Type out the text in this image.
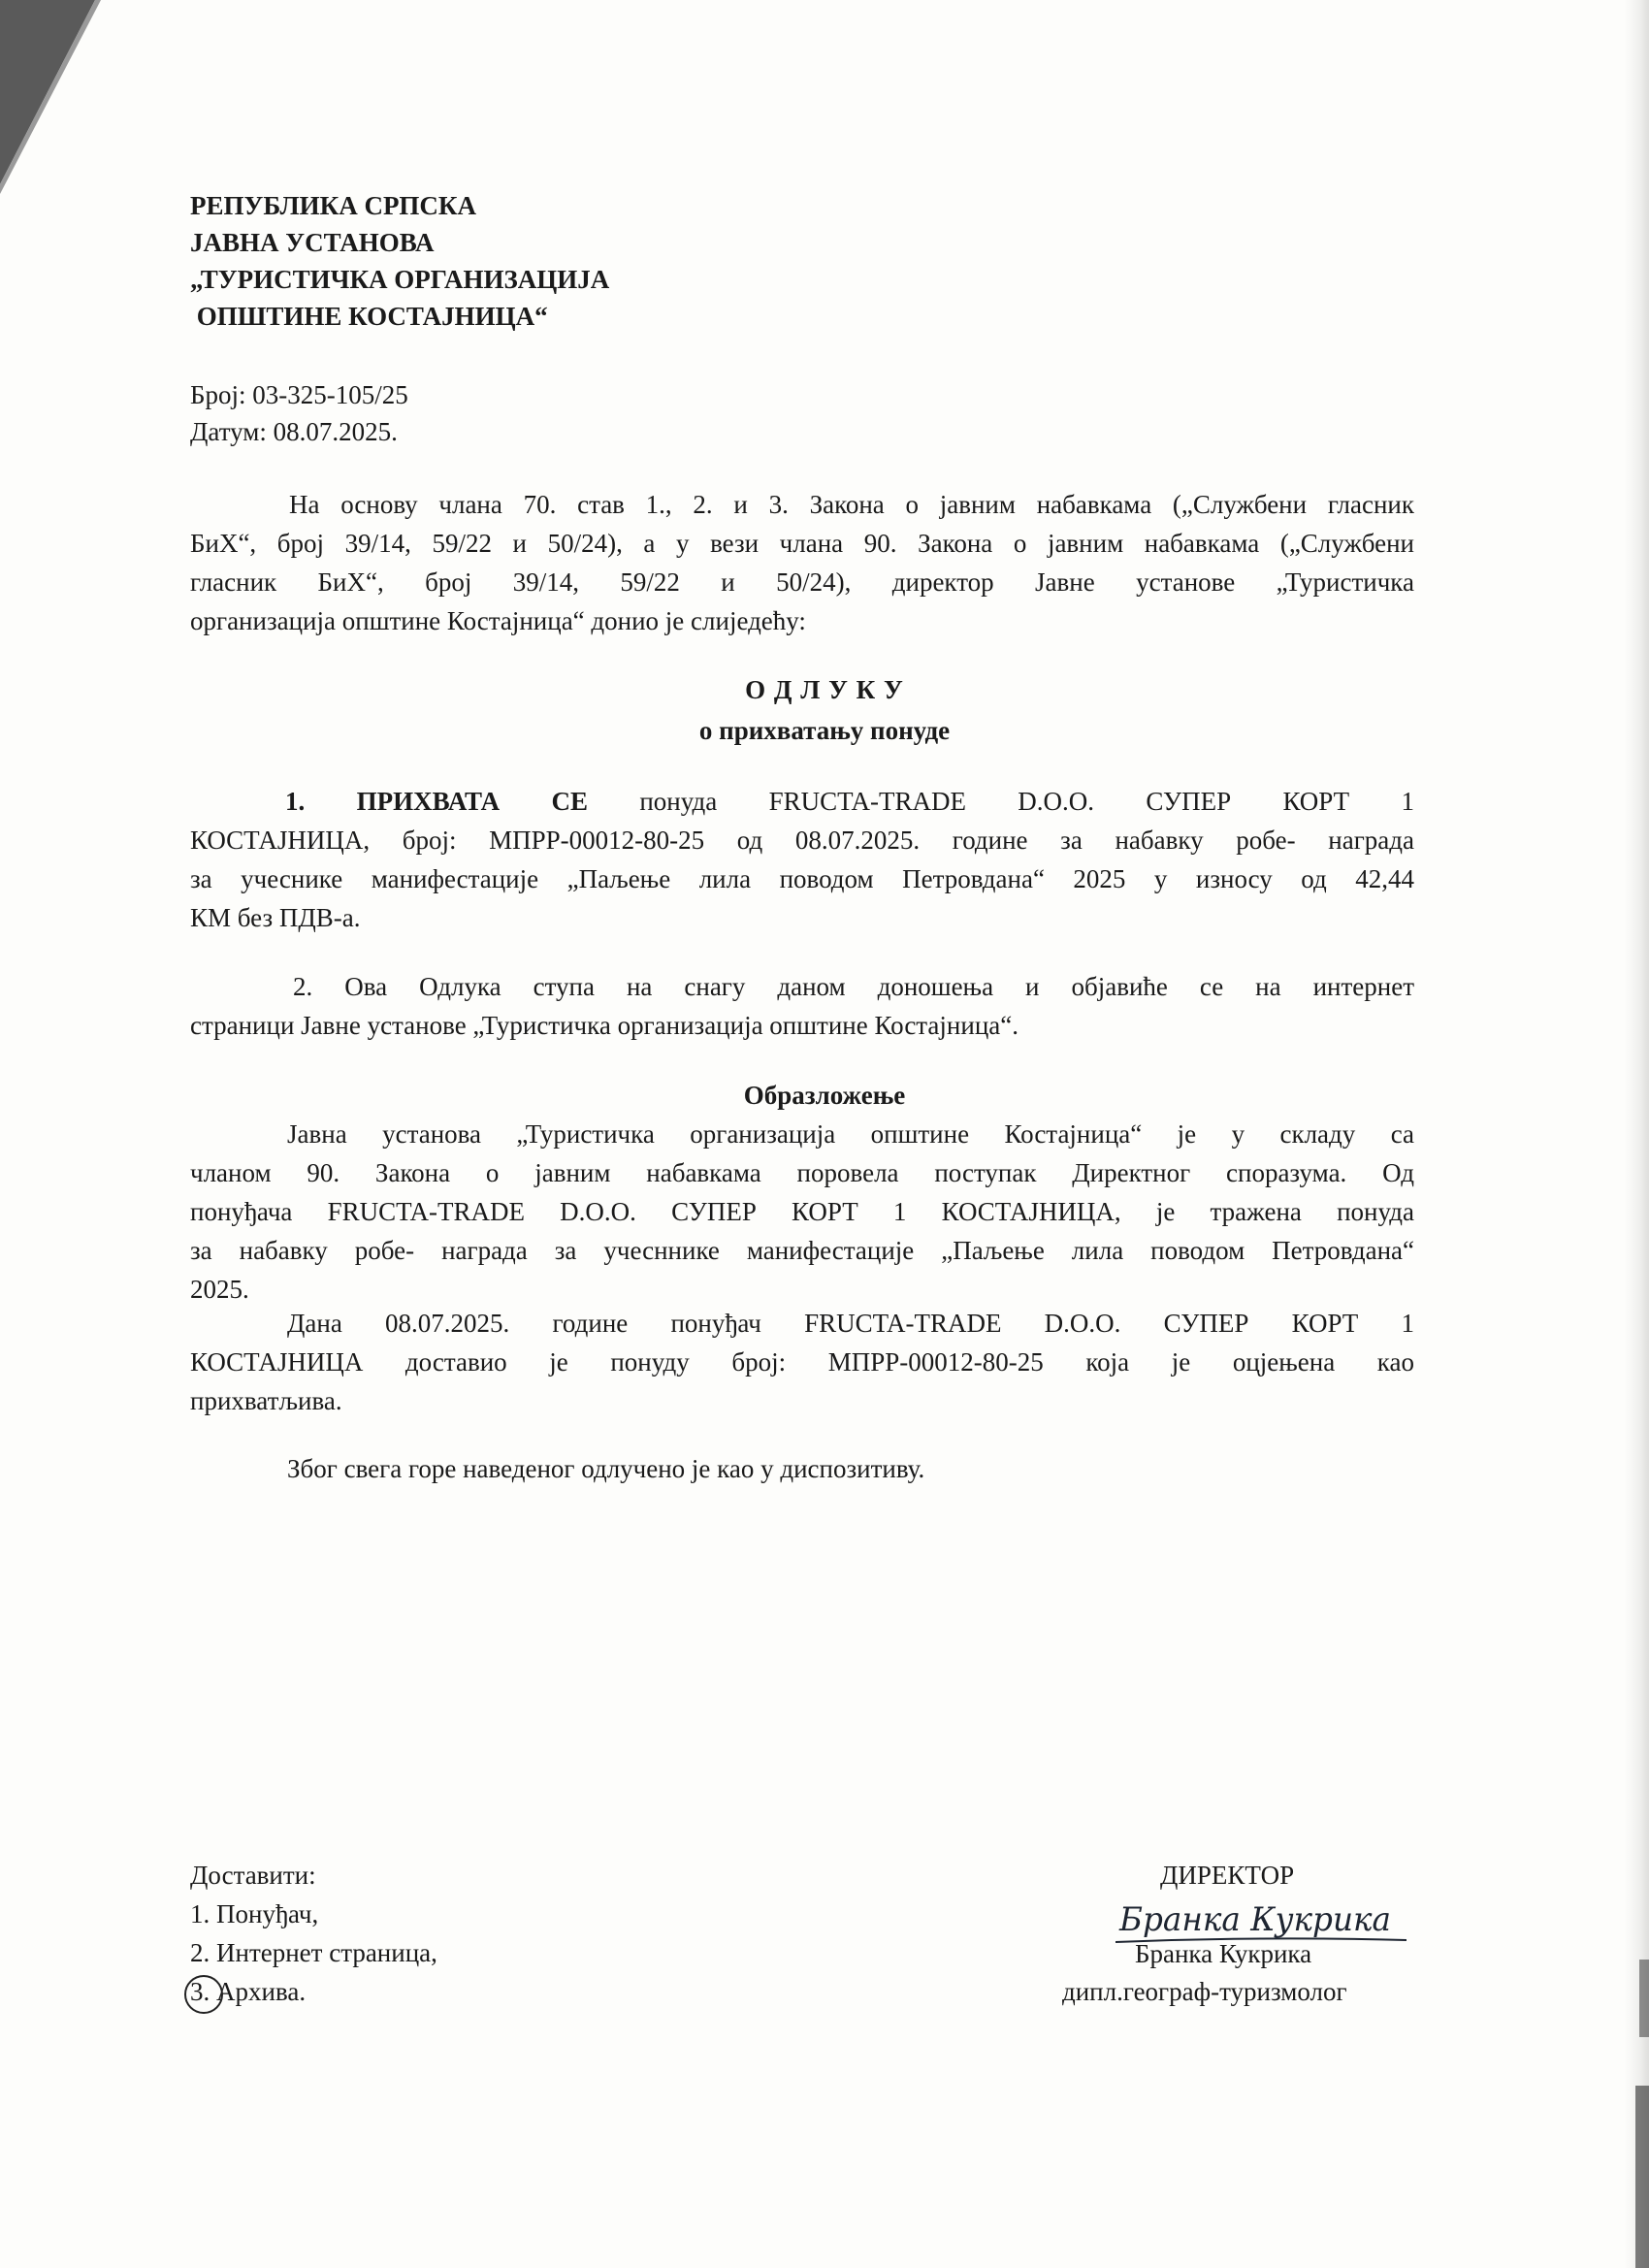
РЕПУБЛИКА СРПСКА
ЈАВНА УСТАНОВА
„ТУРИСТИЧКА ОРГАНИЗАЦИЈА
ОПШТИНЕ КОСТАЈНИЦА“
Број: 03-325-105/25
Датум: 08.07.2025.
На основу члана 70. став 1., 2. и 3. Закона о јавним набавкама („Службени гласник
БиХ“, број 39/14, 59/22 и 50/24), а у вези члана 90. Закона о јавним набавкама („Службени
гласник БиХ“, број 39/14, 59/22 и 50/24), директор Јавне установе „Туристичка
организација општине Костајница“ донио је слиједећу:
О Д Л У К У
о прихватању понуде
1. ПРИХВАТА СЕ понуда FRUCTA-TRADE D.O.O. СУПЕР КОРТ 1
КОСТАЈНИЦА, број: МПРР-00012-80-25 од 08.07.2025. године за набавку робе- награда
за учеснике манифестације „Паљење лила поводом Петровдана“ 2025 у износу од 42,44
КМ без ПДВ-а.
2. Ова Одлука ступа на снагу даном доношења и објавиће се на интернет
страници Јавне установе „Туристичка организација општине Костајница“.
Образложење
Јавна установа „Туристичка организација општине Костајница“ је у складу са
чланом 90. Закона о јавним набавкама поровела поступак Директног споразума. Од
понуђача FRUCTA-TRADE D.O.O. СУПЕР КОРТ 1 КОСТАЈНИЦА, је тражена понуда
за набавку робе- награда за учесннике манифестације „Паљење лила поводом Петровдана“
2025.
Дана 08.07.2025. године понуђач FRUCTA-TRADE D.O.O. СУПЕР КОРТ 1
КОСТАЈНИЦА доставио је понуду број: МПРР-00012-80-25 која је оцјењена као
прихватљива.
Због свега горе наведеног одлучено је као у диспозитиву.
Доставити:
1. Понуђач,
2. Интернет страница,
3. Архива.
ДИРЕКТОР
Бранка Кукрика
Бранка Кукрика
дипл.географ-туризмолог
